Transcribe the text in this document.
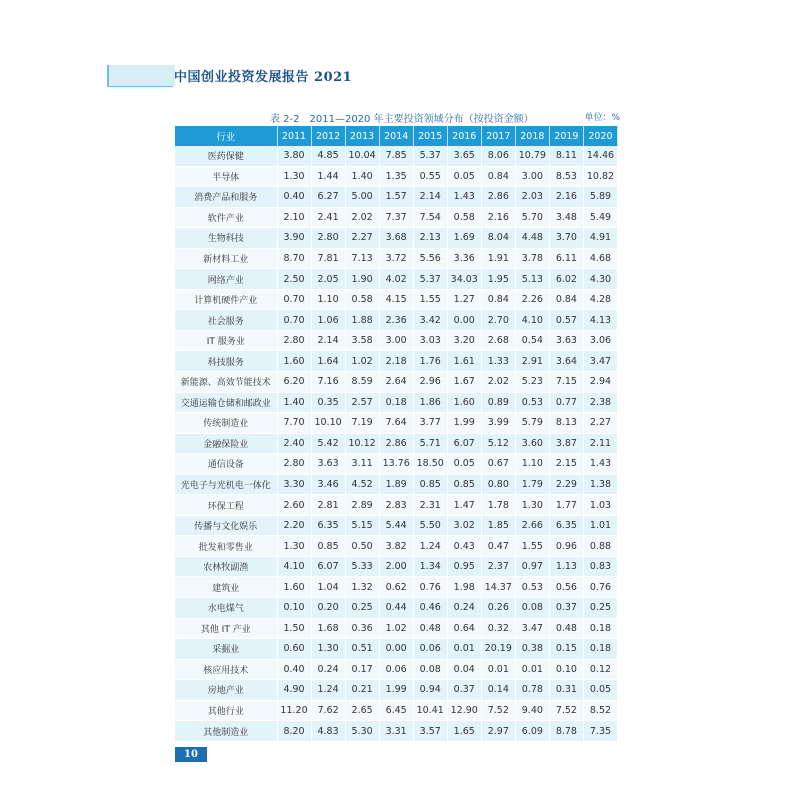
中国创业投资发展报告 2021
表 2-2　2011—2020 年主要投资领域分布（按投资金额）	单位：%
行业	2011	2012	2013	2014	2015	2016	2017	2018	2019	2020
医药保健	3.80	4.85	10.04	7.85	5.37	3.65	8.06	10.79	8.11	14.46
半导体	1.30	1.44	1.40	1.35	0.55	0.05	0.84	3.00	8.53	10.82
消费产品和服务	0.40	6.27	5.00	1.57	2.14	1.43	2.86	2.03	2.16	5.89
软件产业	2.10	2.41	2.02	7.37	7.54	0.58	2.16	5.70	3.48	5.49
生物科技	3.90	2.80	2.27	3.68	2.13	1.69	8.04	4.48	3.70	4.91
新材料工业	8.70	7.81	7.13	3.72	5.56	3.36	1.91	3.78	6.11	4.68
网络产业	2.50	2.05	1.90	4.02	5.37	34.03	1.95	5.13	6.02	4.30
计算机硬件产业	0.70	1.10	0.58	4.15	1.55	1.27	0.84	2.26	0.84	4.28
社会服务	0.70	1.06	1.88	2.36	3.42	0.00	2.70	4.10	0.57	4.13
IT 服务业	2.80	2.14	3.58	3.00	3.03	3.20	2.68	0.54	3.63	3.06
科技服务	1.60	1.64	1.02	2.18	1.76	1.61	1.33	2.91	3.64	3.47
新能源、高效节能技术	6.20	7.16	8.59	2.64	2.96	1.67	2.02	5.23	7.15	2.94
交通运输仓储和邮政业	1.40	0.35	2.57	0.18	1.86	1.60	0.89	0.53	0.77	2.38
传统制造业	7.70	10.10	7.19	7.64	3.77	1.99	3.99	5.79	8.13	2.27
金融保险业	2.40	5.42	10.12	2.86	5.71	6.07	5.12	3.60	3.87	2.11
通信设备	2.80	3.63	3.11	13.76	18.50	0.05	0.67	1.10	2.15	1.43
光电子与光机电一体化	3.30	3.46	4.52	1.89	0.85	0.85	0.80	1.79	2.29	1.38
环保工程	2.60	2.81	2.89	2.83	2.31	1.47	1.78	1.30	1.77	1.03
传播与文化娱乐	2.20	6.35	5.15	5.44	5.50	3.02	1.85	2.66	6.35	1.01
批发和零售业	1.30	0.85	0.50	3.82	1.24	0.43	0.47	1.55	0.96	0.88
农林牧副渔	4.10	6.07	5.33	2.00	1.34	0.95	2.37	0.97	1.13	0.83
建筑业	1.60	1.04	1.32	0.62	0.76	1.98	14.37	0.53	0.56	0.76
水电煤气	0.10	0.20	0.25	0.44	0.46	0.24	0.26	0.08	0.37	0.25
其他 IT 产业	1.50	1.68	0.36	1.02	0.48	0.64	0.32	3.47	0.48	0.18
采掘业	0.60	1.30	0.51	0.00	0.06	0.01	20.19	0.38	0.15	0.18
核应用技术	0.40	0.24	0.17	0.06	0.08	0.04	0.01	0.01	0.10	0.12
房地产业	4.90	1.24	0.21	1.99	0.94	0.37	0.14	0.78	0.31	0.05
其他行业	11.20	7.62	2.65	6.45	10.41	12.90	7.52	9.40	7.52	8.52
其他制造业	8.20	4.83	5.30	3.31	3.57	1.65	2.97	6.09	8.78	7.35
10
